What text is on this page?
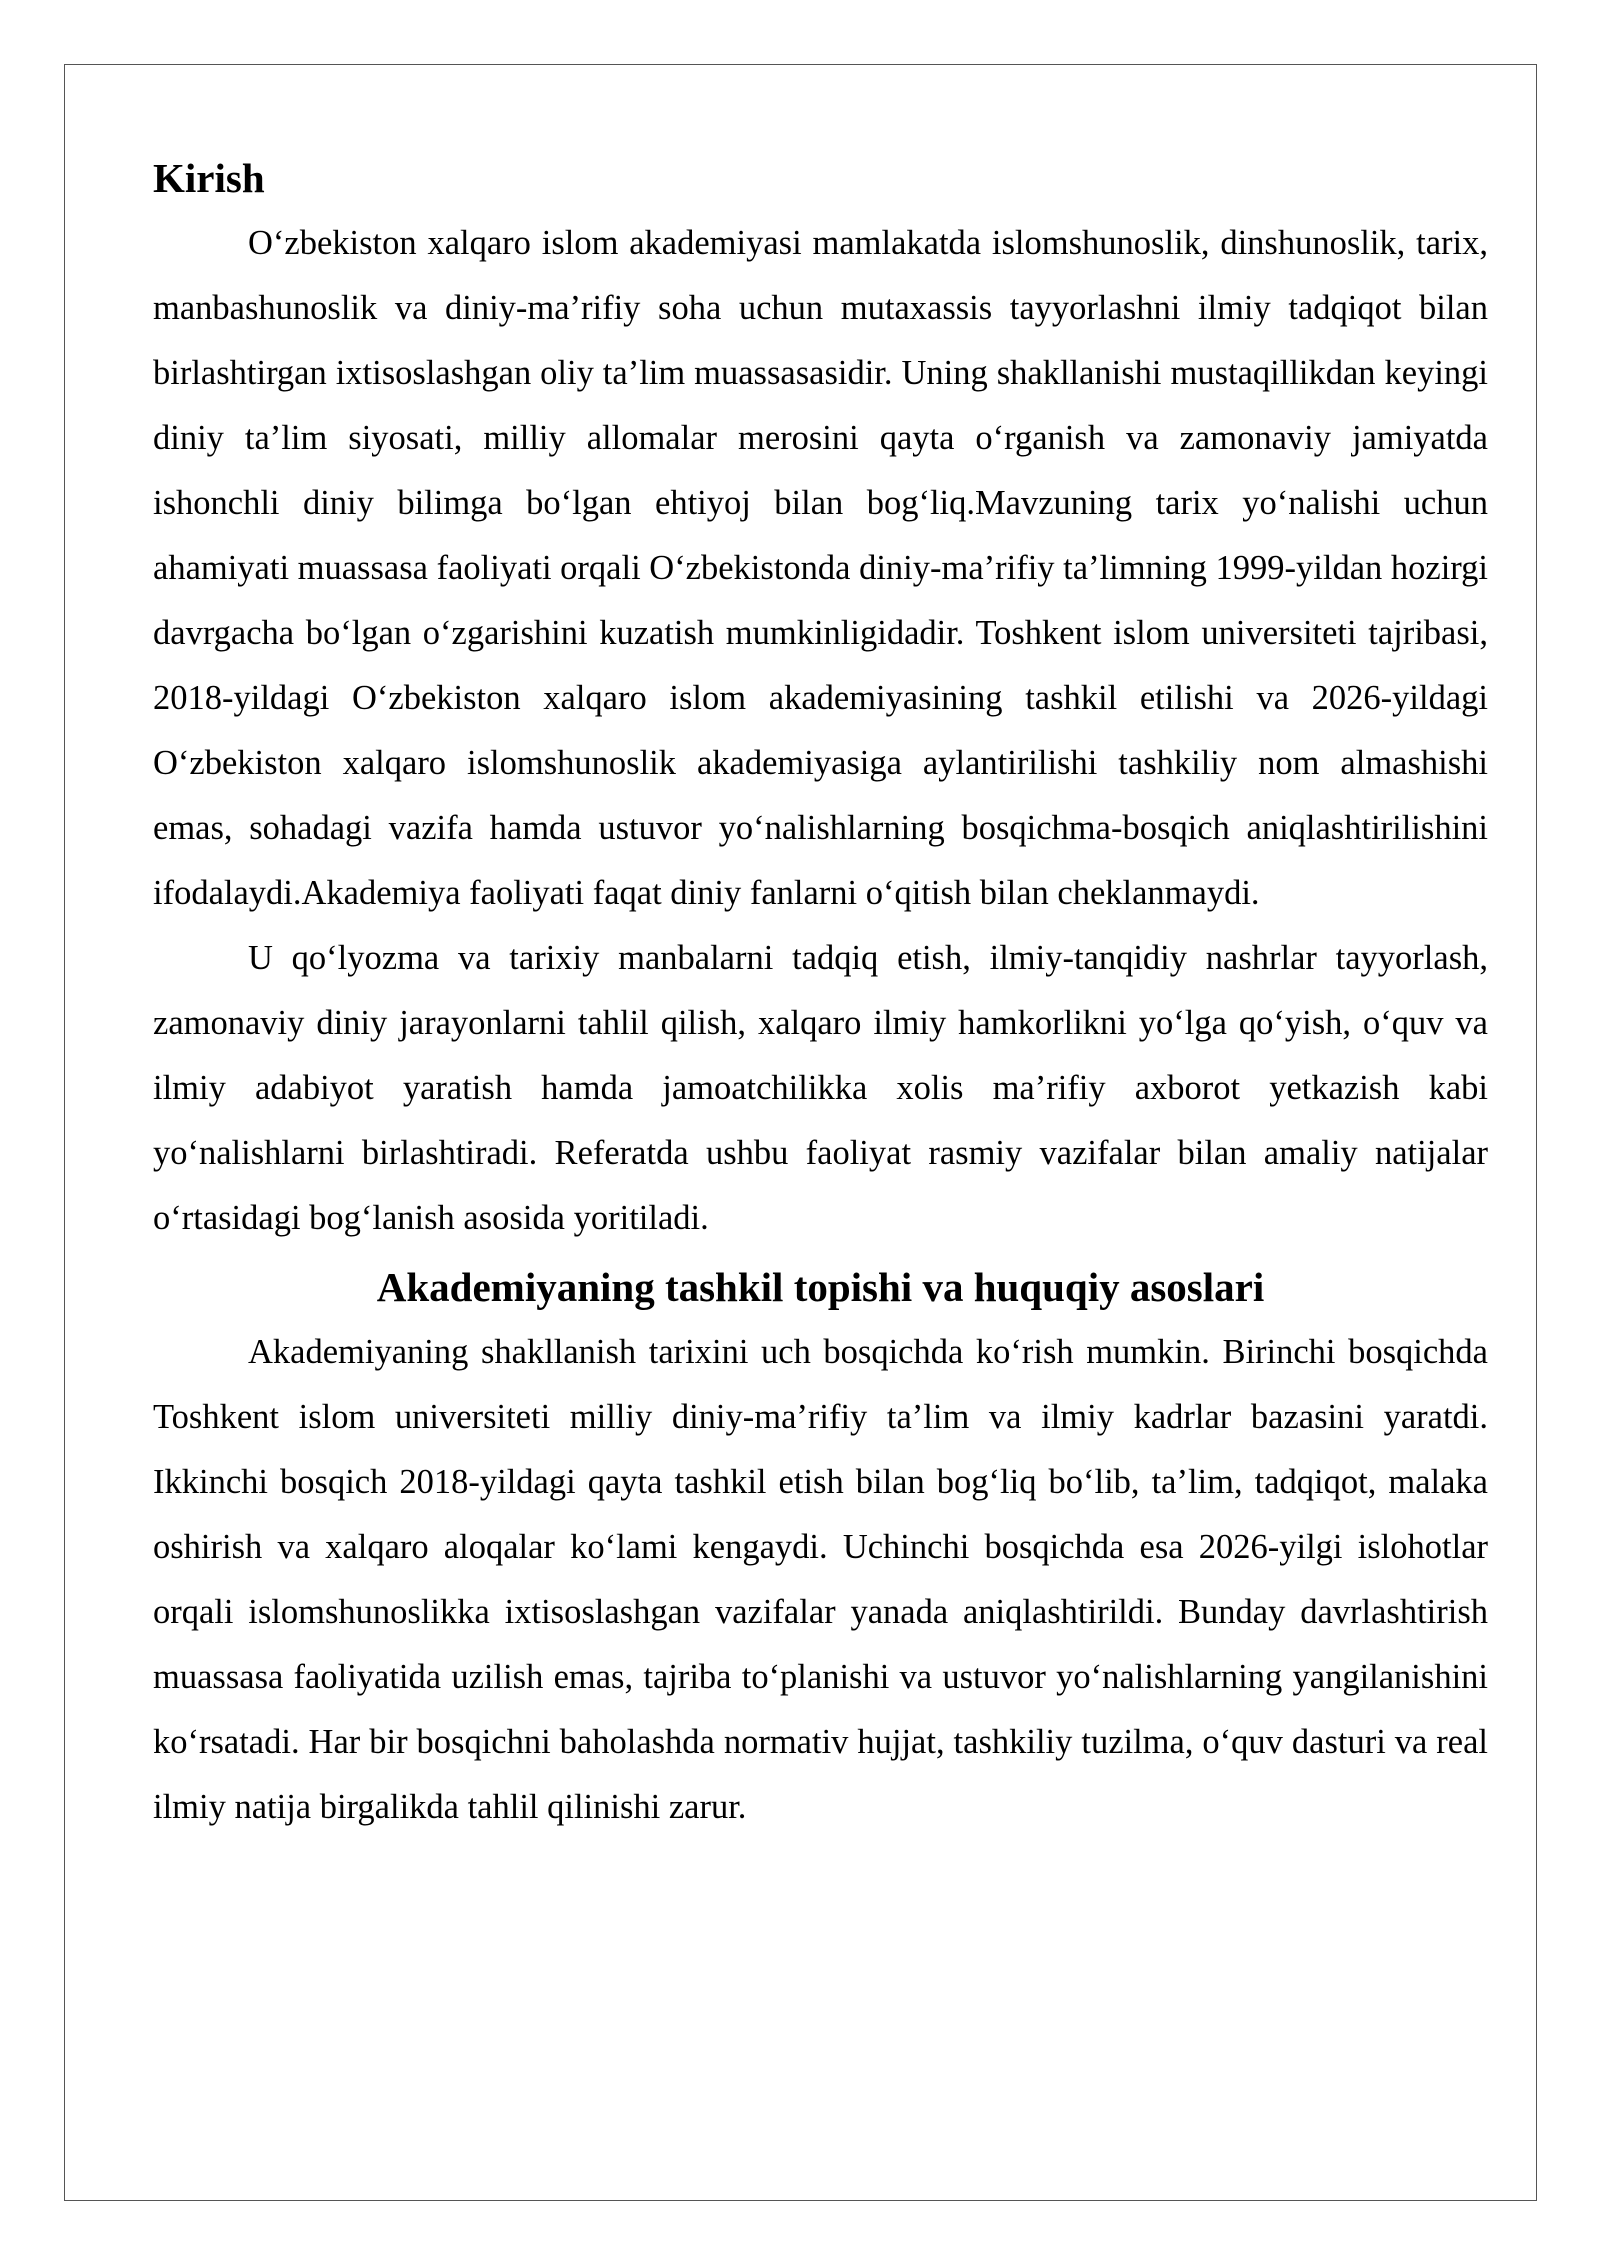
Kirish

O‘zbekiston xalqaro islom akademiyasi mamlakatda islomshunoslik, dinshunoslik, tarix, manbashunoslik va diniy-ma’rifiy soha uchun mutaxassis tayyorlashni ilmiy tadqiqot bilan birlashtirgan ixtisoslashgan oliy ta’lim muassasasidir. Uning shakllanishi mustaqillikdan keyingi diniy ta’lim siyosati, milliy allomalar merosini qayta o‘rganish va zamonaviy jamiyatda ishonchli diniy bilimga bo‘lgan ehtiyoj bilan bog‘liq.Mavzuning tarix yo‘nalishi uchun ahamiyati muassasa faoliyati orqali O‘zbekistonda diniy-ma’rifiy ta’limning 1999-yildan hozirgi davrgacha bo‘lgan o‘zgarishini kuzatish mumkinligidadir. Toshkent islom universiteti tajribasi, 2018-yildagi O‘zbekiston xalqaro islom akademiyasining tashkil etilishi va 2026-yildagi O‘zbekiston xalqaro islomshunoslik akademiyasiga aylantirilishi tashkiliy nom almashishi emas, sohadagi vazifa hamda ustuvor yo‘nalishlarning bosqichma-bosqich aniqlashtirilishini ifodalaydi.Akademiya faoliyati faqat diniy fanlarni o‘qitish bilan cheklanmaydi.

U qo‘lyozma va tarixiy manbalarni tadqiq etish, ilmiy-tanqidiy nashrlar tayyorlash, zamonaviy diniy jarayonlarni tahlil qilish, xalqaro ilmiy hamkorlikni yo‘lga qo‘yish, o‘quv va ilmiy adabiyot yaratish hamda jamoatchilikka xolis ma’rifiy axborot yetkazish kabi yo‘nalishlarni birlashtiradi. Referatda ushbu faoliyat rasmiy vazifalar bilan amaliy natijalar o‘rtasidagi bog‘lanish asosida yoritiladi.

Akademiyaning tashkil topishi va huquqiy asoslari

Akademiyaning shakllanish tarixini uch bosqichda ko‘rish mumkin. Birinchi bosqichda Toshkent islom universiteti milliy diniy-ma’rifiy ta’lim va ilmiy kadrlar bazasini yaratdi. Ikkinchi bosqich 2018-yildagi qayta tashkil etish bilan bog‘liq bo‘lib, ta’lim, tadqiqot, malaka oshirish va xalqaro aloqalar ko‘lami kengaydi. Uchinchi bosqichda esa 2026-yilgi islohotlar orqali islomshunoslikka ixtisoslashgan vazifalar yanada aniqlashtirildi. Bunday davrlashtirish muassasa faoliyatida uzilish emas, tajriba to‘planishi va ustuvor yo‘nalishlarning yangilanishini ko‘rsatadi. Har bir bosqichni baholashda normativ hujjat, tashkiliy tuzilma, o‘quv dasturi va real ilmiy natija birgalikda tahlil qilinishi zarur.
